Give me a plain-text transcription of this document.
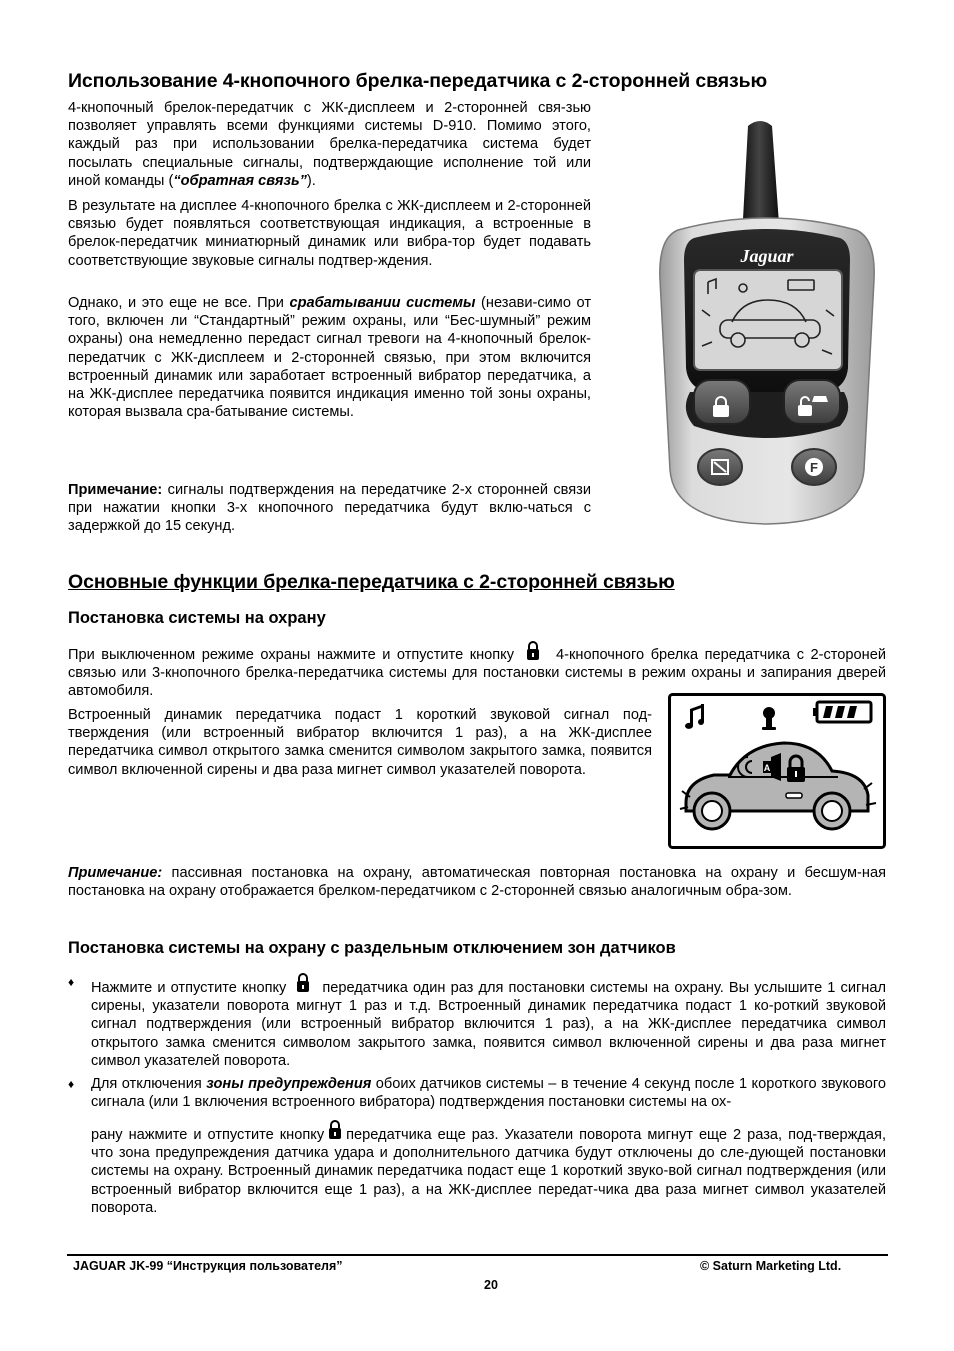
Использование 4-кнопочного брелка-передатчика с 2-сторонней связью

4-кнопочный брелок-передатчик с ЖК-дисплеем и 2-сторонней свя-зью позволяет управлять всеми функциями системы D-910. Помимо этого, каждый раз при использовании брелка-передатчика система будет посылать специальные сигналы, подтверждающие исполнение той или иной команды (“обратная связь”).

В результате на дисплее 4-кнопочного брелка с ЖК-дисплеем и 2-сторонней связью будет появляться соответствующая индикация, а встроенные в брелок-передатчик миниатюрный динамик или вибра-тор будет подавать соответствующие звуковые сигналы подтвер-ждения.

Однако, и это еще не все. При срабатывании системы (незави-симо от того, включен ли “Стандартный” режим охраны, или “Бес-шумный” режим охраны) она немедленно передаст сигнал тревоги на 4-кнопочный брелок-передатчик с ЖК-дисплеем и 2-сторонней связью, при этом включится встроенный динамик или заработает встроенный вибратор передатчика, а на ЖК-дисплее передатчика появится индикация именно той зоны охраны, которая вызвала сра-батывание системы.

Примечание: сигналы подтверждения на передатчике 2-х сторонней связи при нажатии кнопки 3-х кнопочного передатчика будут вклю-чаться с задержкой до 15 секунд.

Jaguar
F
Основные функции брелка-передатчика с 2-сторонней связью
Постановка системы на охрану

При выключенном режиме охраны нажмите и отпустите кнопку	4-кнопочного брелка передатчика с 2-стороней связью или 3-кнопочного брелка-передатчика системы для постановки системы в режим охраны и запирания дверей автомобиля.

Встроенный динамик передатчика подаст 1 короткий звуковой сигнал под-тверждения (или встроенный вибратор включится 1 раз), а на ЖК-дисплее передатчика символ открытого замка сменится символом закрытого замка, появится символ включенной сирены и два раза мигнет символ указателей поворота.	A

Примечание: пассивная постановка на охрану, автоматическая повторная постановка на охрану и бесшум-ная постановка на охрану отображается брелком-передатчиком с 2-сторонней связью аналогичным обра-зом.

Постановка системы на охрану с раздельным отключением зон датчиков
♦ Нажмите и отпустите кнопку передатчика один раз для постановки системы на охрану. Вы услышите 1 сигнал сирены, указатели поворота мигнут 1 раз и т.д. Встроенный динамик передатчика подаст 1 ко-роткий звуковой сигнал подтверждения (или встроенный вибратор включится 1 раз), а на ЖК-дисплее передатчика символ открытого замка сменится символом закрытого замка, появится символ включенной сирены и два раза мигнет символ указателей поворота.

♦ Для отключения зоны предупреждения обоих датчиков системы – в течение 4 секунд после 1 короткого звукового сигнала (или 1 включения встроенного вибратора) подтверждения постановки системы на ох-

рану нажмите и отпустите кнопку передатчика еще раз. Указатели поворота мигнут еще 2 раза, под-тверждая, что зона предупреждения датчика удара и дополнительного датчика будут отключены до сле-дующей постановки системы на охрану. Встроенный динамик передатчика подаст еще 1 короткий звуко-вой сигнал подтверждения (или встроенный вибратор включится еще 1 раз), а на ЖК-дисплее передат-чика два раза мигнет символ указателей поворота.

JAGUAR JK-99 “Инструкция пользователя”	© Saturn Marketing Ltd.
20
